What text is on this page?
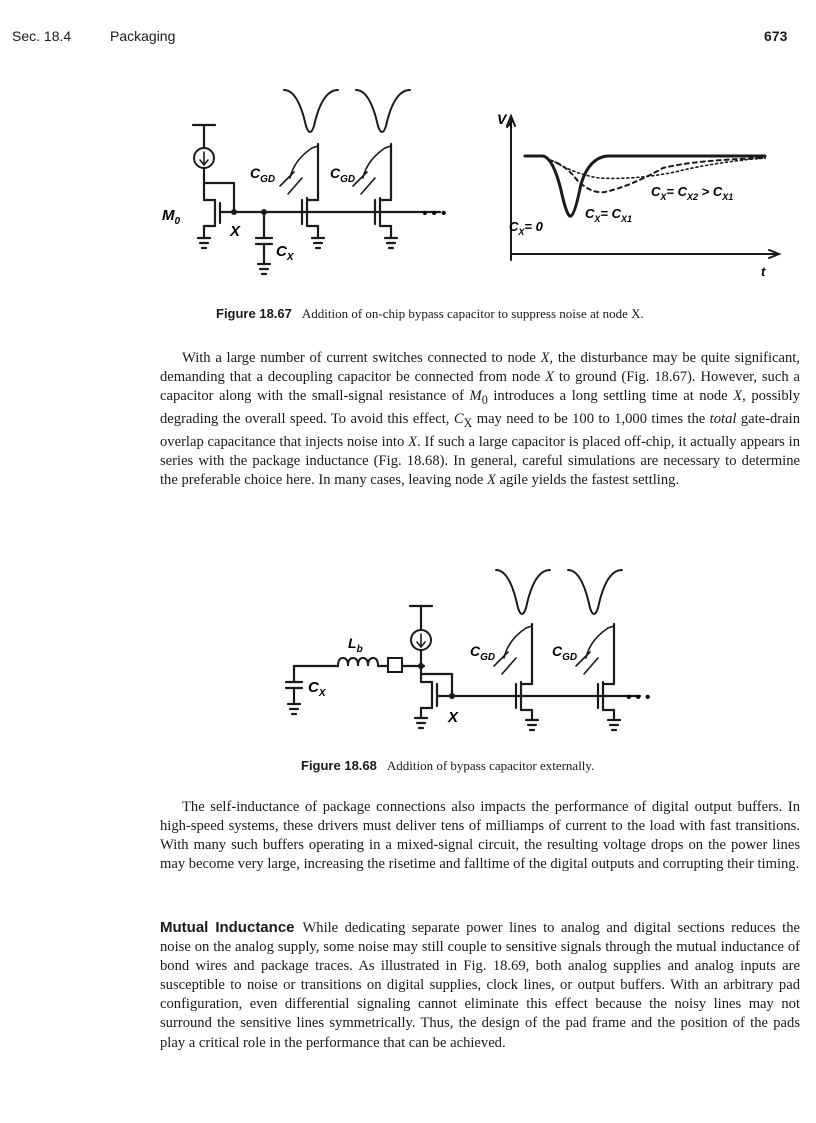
Sec. 18.4	Packaging	673
$M_0$
X
$C_{GD}$	$C_{GD}$
$C_X$
• • •
$V_X$
t
$C_X= 0$
$C_X= C_{X1}$
$C_X= C_{X2} > C_{X1}$
Figure 18.67 Addition of on-chip bypass capacitor to suppress noise at node X.

With a large number of current switches connected to node X, the disturbance may be quite significant, demanding that a decoupling capacitor be connected from node X to ground (Fig. 18.67). However, such a capacitor along with the small-signal resistance of $M_0$ introduces a long settling time at node X, possibly degrading the overall speed. To avoid this effect, $C_X$ may need to be 100 to 1,000 times the total gate-drain overlap capacitance that injects noise into X. If such a large capacitor is placed off-chip, it actually appears in series with the package inductance (Fig. 18.68). In general, careful simulations are necessary to determine the preferable choice here. In many cases, leaving node X agile yields the fastest settling.

$L_b$
$C_X$
X
$C_{GD}$	$C_{GD}$
• • •
Figure 18.68 Addition of bypass capacitor externally.

The self-inductance of package connections also impacts the performance of digital output buffers. In high-speed systems, these drivers must deliver tens of milliamps of current to the load with fast transitions. With many such buffers operating in a mixed-signal circuit, the resulting voltage drops on the power lines may become very large, increasing the risetime and falltime of the digital outputs and corrupting their timing.

Mutual Inductance While dedicating separate power lines to analog and digital sections reduces the noise on the analog supply, some noise may still couple to sensitive signals through the mutual inductance of bond wires and package traces. As illustrated in Fig. 18.69, both analog supplies and analog inputs are susceptible to noise or transitions on digital supplies, clock lines, or output buffers. With an arbitrary pad configuration, even differential signaling cannot eliminate this effect because the noisy lines may not surround the sensitive lines symmetrically. Thus, the design of the pad frame and the position of the pads play a critical role in the performance that can be achieved.
